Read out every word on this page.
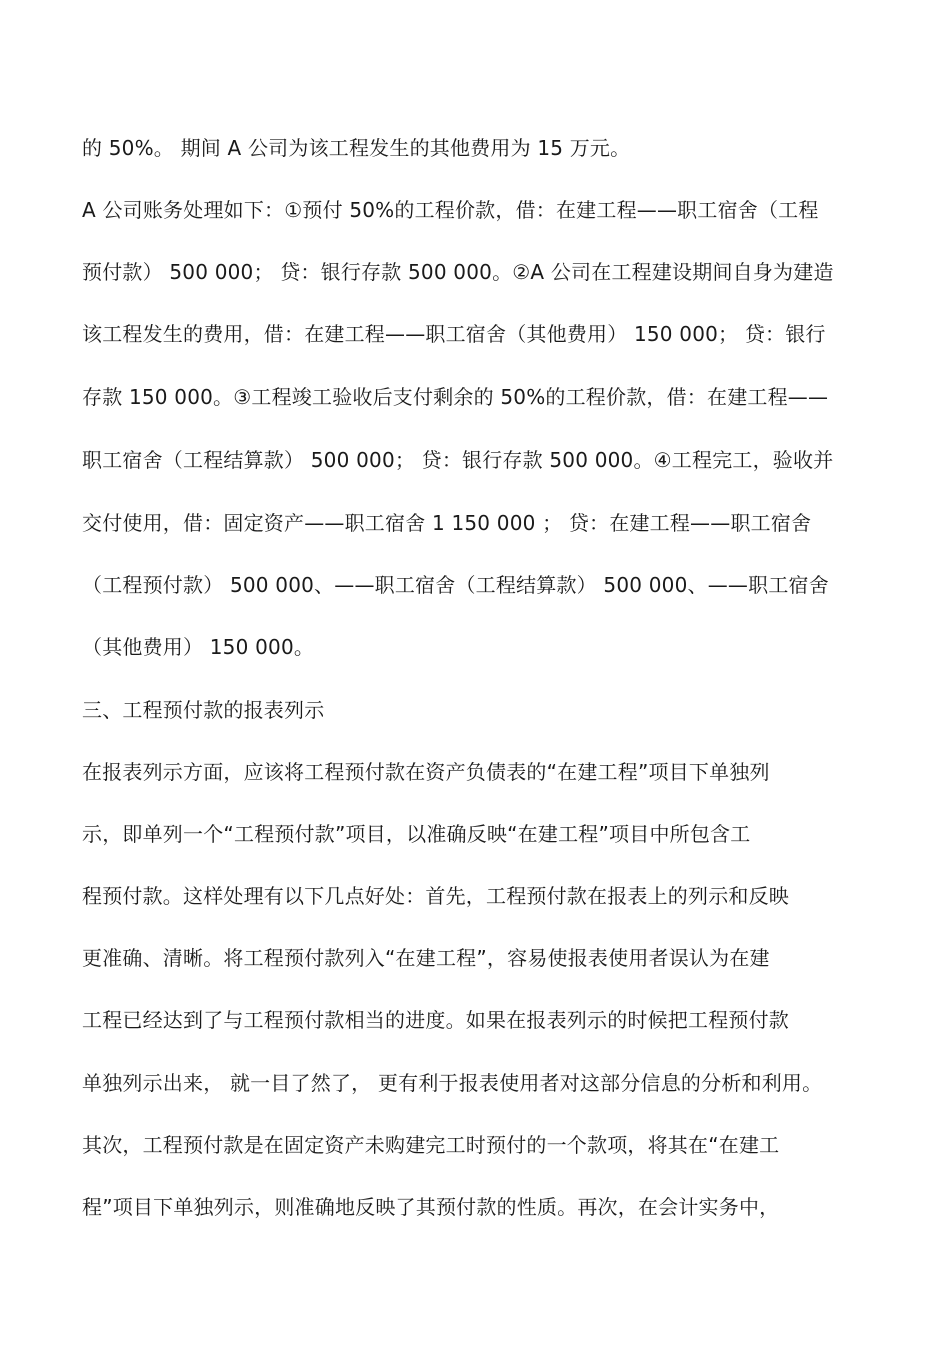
的 50%。 期间 A 公司为该工程发生的其他费用为 15 万元。
A 公司账务处理如下：①预付 50%的工程价款，借：在建工程——职工宿舍（工程
预付款） 500 000； 贷：银行存款 500 000。②A 公司在工程建设期间自身为建造
该工程发生的费用，借：在建工程——职工宿舍（其他费用） 150 000； 贷：银行
存款 150 000。③工程竣工验收后支付剩余的 50%的工程价款，借：在建工程——
职工宿舍（工程结算款） 500 000； 贷：银行存款 500 000。④工程完工，验收并
交付使用，借：固定资产——职工宿舍 1 150 000 ； 贷：在建工程——职工宿舍
（工程预付款） 500 000、——职工宿舍（工程结算款） 500 000、——职工宿舍
（其他费用） 150 000。
三、工程预付款的报表列示
在报表列示方面，应该将工程预付款在资产负债表的“在建工程”项目下单独列
示，即单列一个“工程预付款”项目，以准确反映“在建工程”项目中所包含工
程预付款。这样处理有以下几点好处：首先，工程预付款在报表上的列示和反映
更准确、清晰。将工程预付款列入“在建工程”，容易使报表使用者误认为在建
工程已经达到了与工程预付款相当的进度。如果在报表列示的时候把工程预付款
单独列示出来， 就一目了然了， 更有利于报表使用者对这部分信息的分析和利用。
其次，工程预付款是在固定资产未购建完工时预付的一个款项，将其在“在建工
程”项目下单独列示，则准确地反映了其预付款的性质。再次，在会计实务中，
